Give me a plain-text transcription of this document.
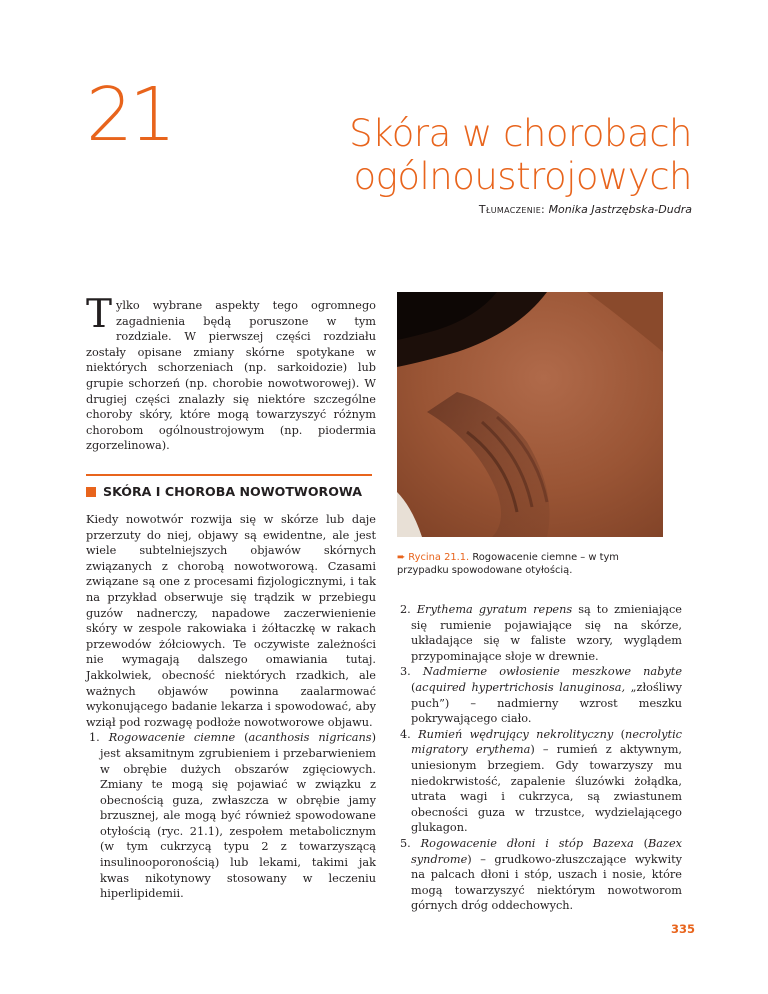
21	Skóra w chorobach
ogólnoustrojowych
Tłumaczenie: Monika Jastrzębska-Dudra
Tylko wybrane aspekty tego ogromnego zagadnienia będą poruszone w tym rozdziale. W pierwszej części rozdziału zostały opisane zmiany skórne spotykane w niektórych schorzeniach (np. sarkoidozie) lub grupie schorzeń (np. chorobie nowotworowej). W drugiej części znalazły się niektóre szczególne choroby skóry, które mogą towarzyszyć różnym chorobom ogólnoustrojowym (np. piodermia zgorzelinowa).
SKÓRA I CHOROBA NOWOTWOROWA

Kiedy nowotwór rozwija się w skórze lub daje przerzuty do niej, objawy są ewidentne, ale jest wiele subtelniejszych objawów skórnych związanych z chorobą nowotworową. Czasami związane są one z procesami fizjologicznymi, i tak na przykład obserwuje się trądzik w przebiegu guzów nadnerczy, napadowe zaczerwienienie skóry w zespole rakowiaka i żółtaczkę w rakach przewodów żółciowych. Te oczywiste zależności nie wymagają dalszego omawiania tutaj. Jakkolwiek, obecność niektórych rzadkich, ale ważnych objawów powinna zaalarmować wykonującego badanie lekarza i spowodować, aby wziął pod rozwagę podłoże nowotworowe objawu.

1. Rogowacenie ciemne (acanthosis nigricans) jest aksamitnym zgrubieniem i przebarwieniem w obrębie dużych obszarów zgięciowych. Zmiany te mogą się pojawiać w związku z obecnością guza, zwłaszcza w obrębie jamy brzusznej, ale mogą być również spowodowane otyłością (ryc. 21.1), zespołem metabolicznym (w tym cukrzycą typu 2 z towarzyszącą insulinooporonością) lub lekami, takimi jak kwas nikotynowy stosowany w leczeniu hiperlipidemii.
➨ Rycina 21.1. Rogowacenie ciemne – w tym przypadku spowodowane otyłością.
2. Erythema gyratum repens są to zmieniające się rumienie pojawiające się na skórze, układające się w faliste wzory, wyglądem przypominające słoje w drewnie.
3. Nadmierne owłosienie meszkowe nabyte (acquired hypertrichosis lanuginosa, „złośliwy puch”) – nadmierny wzrost meszku pokrywającego ciało.
4. Rumień wędrujący nekrolityczny (necrolytic migratory erythema) – rumień z aktywnym, uniesionym brzegiem. Gdy towarzyszy mu niedokrwistość, zapalenie śluzówki żołądka, utrata wagi i cukrzyca, są zwiastunem obecności guza w trzustce, wydzielającego glukagon.
5. Rogowacenie dłoni i stóp Bazexa (Bazex syndrome) – grudkowo-złuszczające wykwity na palcach dłoni i stóp, uszach i nosie, które mogą towarzyszyć niektórym nowotworom górnych dróg oddechowych.
335
